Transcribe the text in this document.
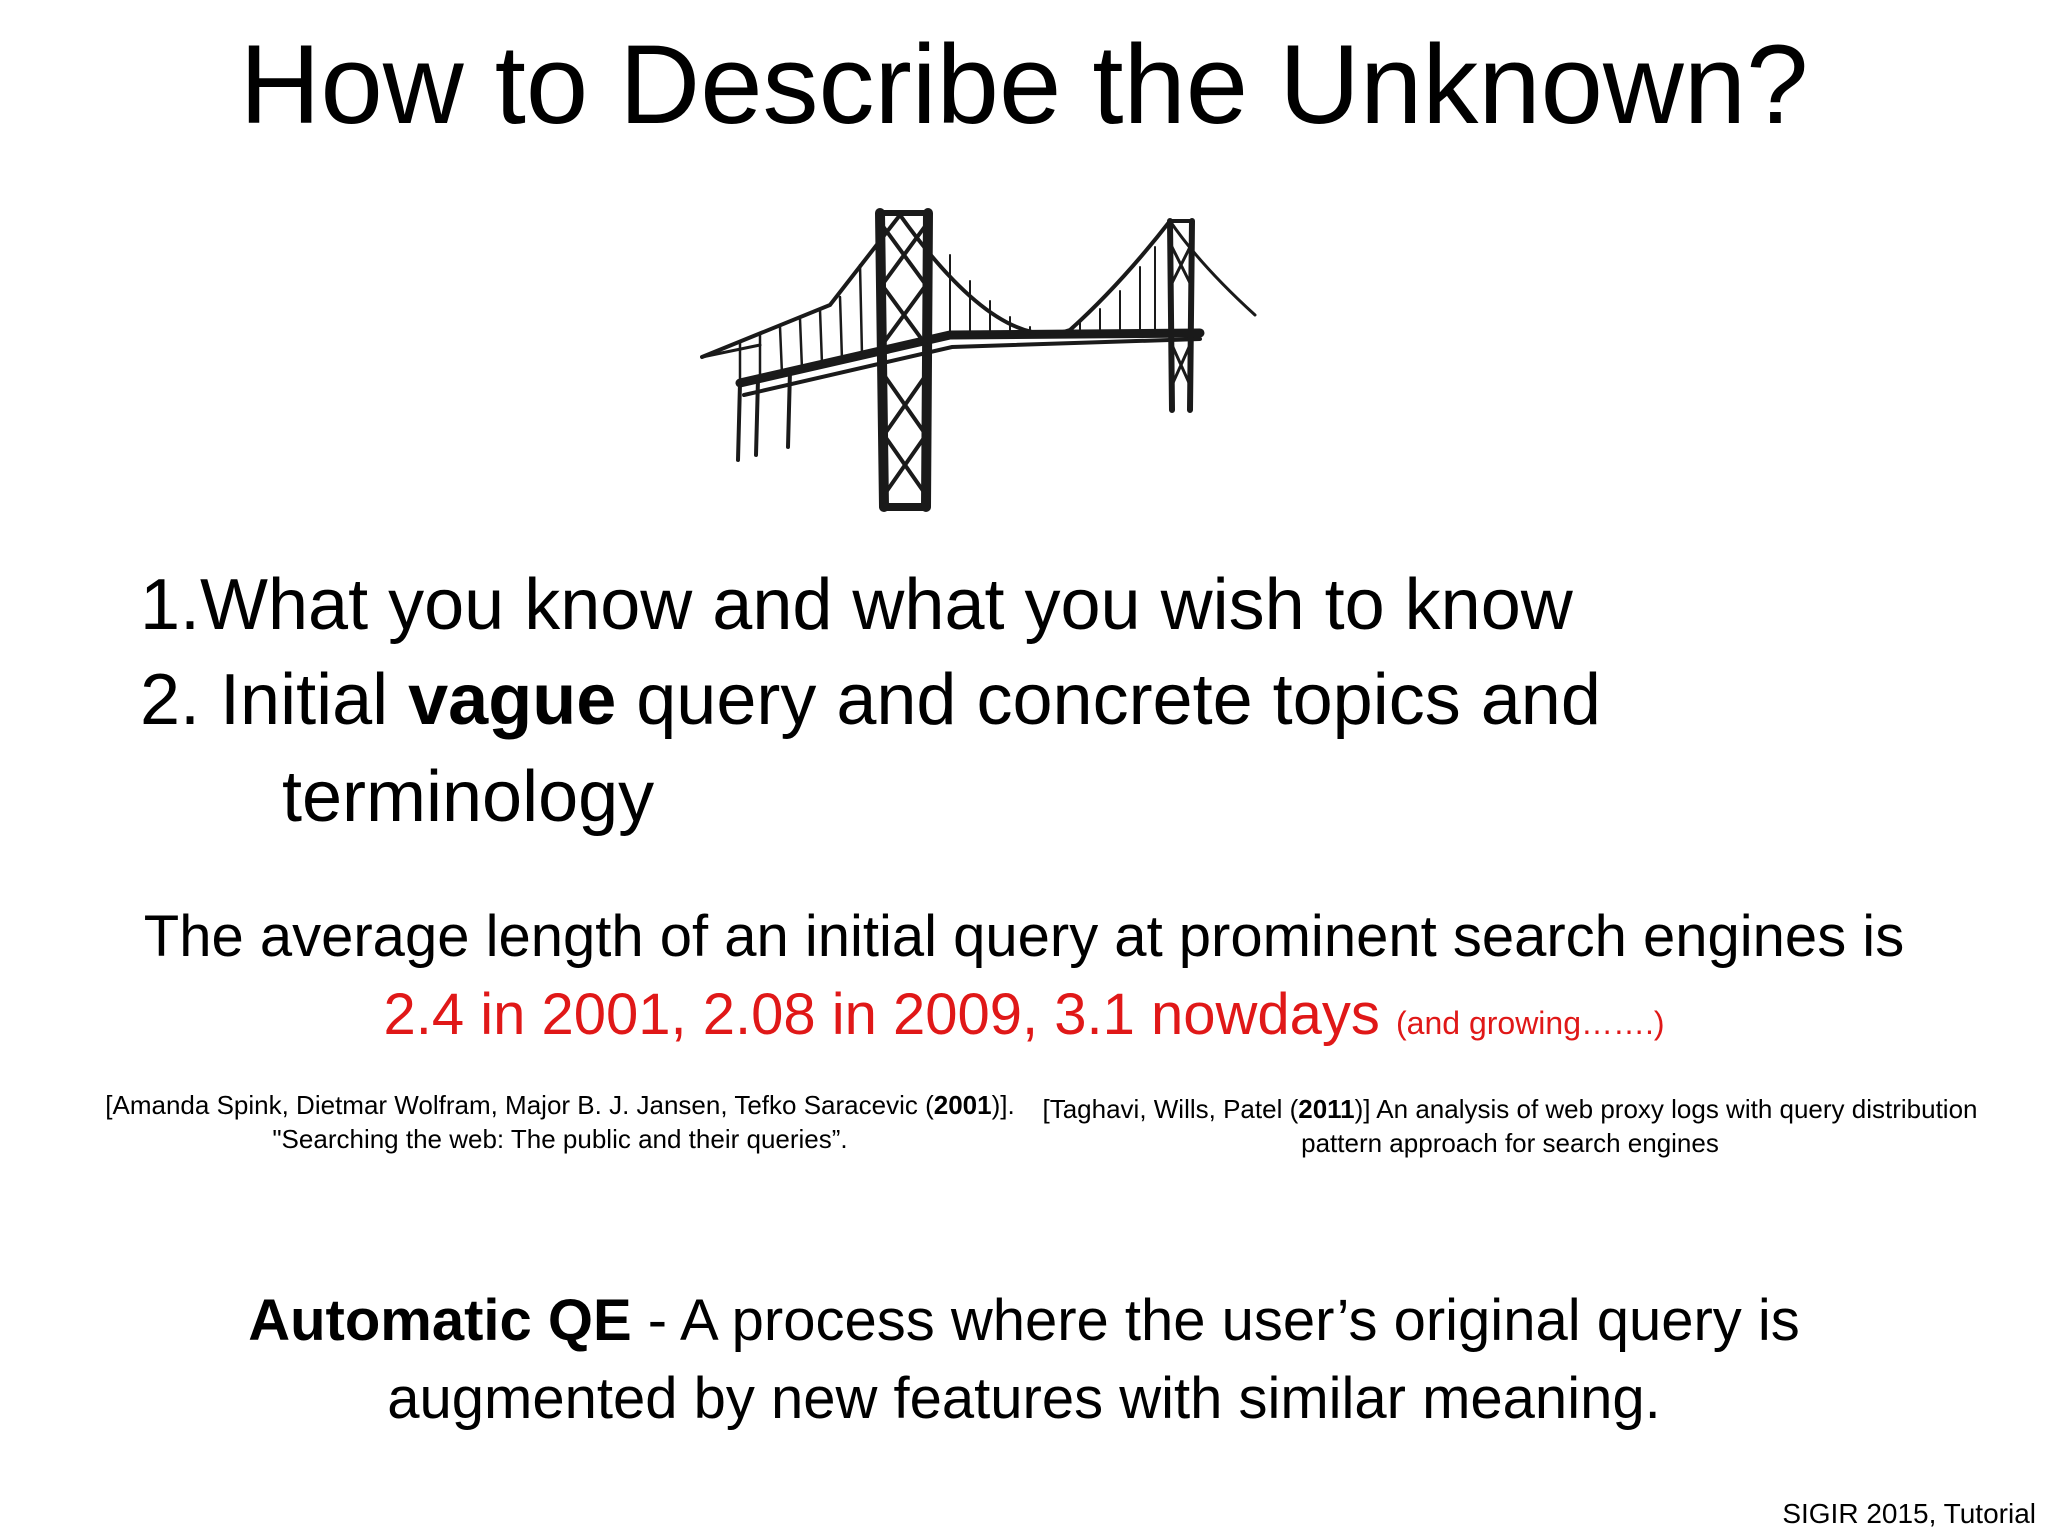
How to Describe the Unknown?
1.What you know and what you wish to know
2. Initial vague query and concrete topics and
terminology
The average length of an initial query at prominent search engines is
2.4 in 2001, 2.08 in 2009, 3.1 nowdays (and growing…….)
[Amanda Spink, Dietmar Wolfram, Major B. J. Jansen, Tefko Saracevic (2001)].
"Searching the web: The public and their queries”.
[Taghavi, Wills, Patel (2011)] An analysis of web proxy logs with query distribution
pattern approach for search engines
Automatic QE - A process where the user’s original query is
augmented by new features with similar meaning.
SIGIR 2015, Tutorial
